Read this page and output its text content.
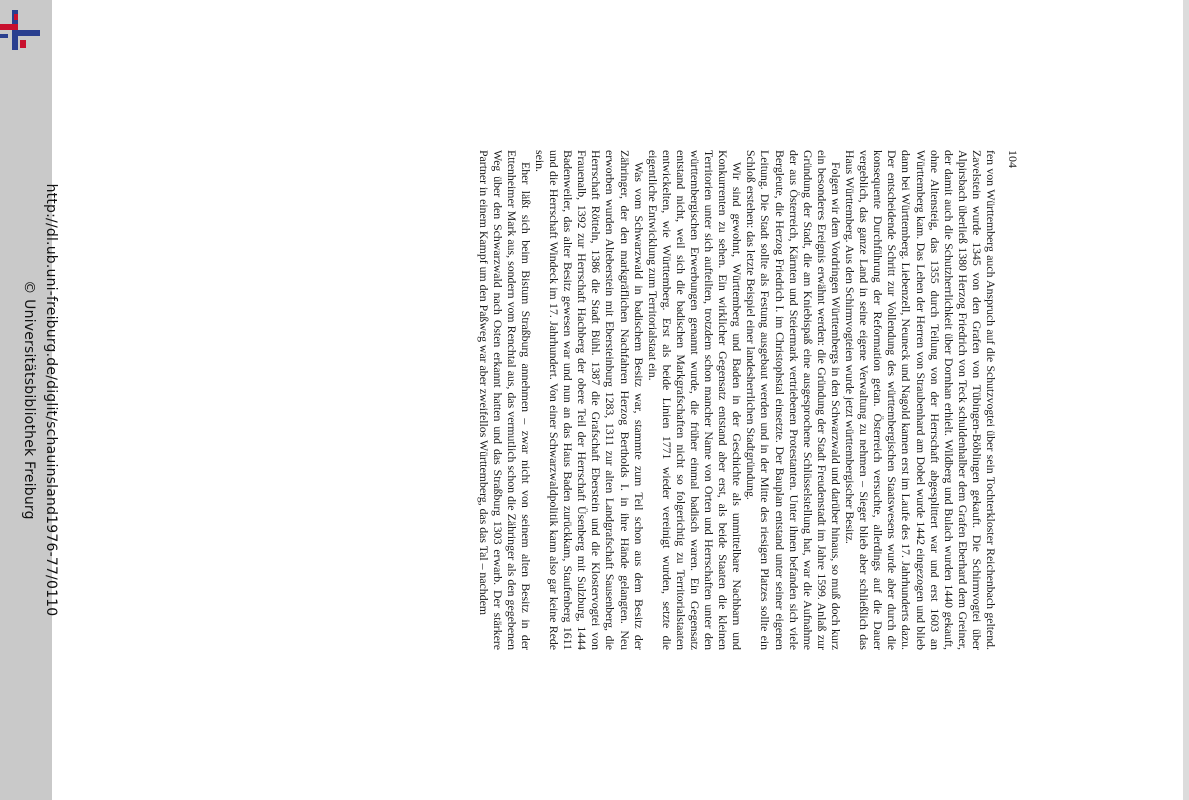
http://dl.ub.uni-freiburg.de/diglit/schauinsland1976-77/0110
© Universitätsbibliothek Freiburg
104

fen von Württemberg auch Anspruch auf die Schutzvogtei über sein Tochterkloster Reichenbach geltend. Zavelstein wurde 1345 von den Grafen von Tübingen-Böblingen gekauft. Die Schirmvogtei über Alpirsbach überließ 1380 Herzog Friedrich von Teck schuldenhalber dem Grafen Eberhard dem Greiner, der damit auch die Schutzherrlichkeit über Dornhan erhielt. Wildberg und Bulach wurden 1440 gekauft, ohne Altensteig, das 1355 durch Teilung von der Herrschaft abgesplittert war und erst 1603 an Württemberg kam. Das Lehen der Herren von Straubenhard am Dobel wurde 1442 eingezogen und blieb dann bei Württemberg. Liebenzell, Neuneck und Nagold kamen erst im Laufe des 17. Jahrhunderts dazu. Der entscheidende Schritt zur Vollendung des württembergischen Staatswesens wurde aber durch die konsequente Durchführung der Reformation getan. Österreich versuchte, allerdings auf die Dauer vergeblich, das ganze Land in seine eigene Verwaltung zu nehmen – Sieger blieb aber schließlich das Haus Württemberg. Aus den Schirmvogteien wurde jetzt württembergischer Besitz.

Folgen wir dem Vordringen Württembergs in den Schwarzwald und darüber hinaus, so muß doch kurz ein besonderes Ereignis erwähnt werden: die Gründung der Stadt Freudenstadt im Jahre 1599. Anlaß zur Gründung der Stadt, die am Kniebispaß eine ausgesprochene Schlüsselstellung hat, war die Aufnahme der aus Österreich, Kärnten und Steiermark vertriebenen Protestanten. Unter ihnen befanden sich viele Bergleute, die Herzog Friedrich I. im Christophstal einsetzte. Der Bauplan entstand unter seiner eigenen Leitung. Die Stadt sollte als Festung ausgebaut werden und in der Mitte des riesigen Platzes sollte ein Schloß erstehen: das letzte Beispiel einer landesherrlichen Stadtgründung.

Wir sind gewohnt, Württemberg und Baden in der Geschichte als unmittelbare Nachbarn und Konkurrenten zu sehen. Ein wirklicher Gegensatz entstand aber erst, als beide Staaten die kleinen Territorien unter sich aufteilten, trotzdem schon mancher Name von Orten und Herrschaften unter den württembergischen Erwerbungen genannt wurde, die früher einmal badisch waren. Ein Gegensatz entstand nicht, weil sich die badischen Markgrafschaften nicht so folgerichtig zu Territorialstaaten entwickelten, wie Württemberg. Erst als beide Linien 1771 wieder vereinigt wurden, setzte die eigentliche Entwicklung zum Territorialstaat ein.

Was vom Schwarzwald in badischem Besitz war, stammte zum Teil schon aus dem Besitz der Zähringer, der den markgräflichen Nachfahren Herzog Bertholds I. in ihre Hände gelangten. Neu erworben wurden Alteberstein mit Ebersteinburg 1283, 1311 zur alten Landgrafschaft Sausenberg, die Herrschaft Rötteln, 1386 die Stadt Bühl. 1387 die Grafschaft Eberstein und die Klostervogtei von Frauenalb, 1392 zur Herrschaft Hachberg der obere Teil der Herrschaft Üsenberg mit Sulzburg, 1444 Badenweiler, das alter Besitz gewesen war und nun an das Haus Baden zurückkam, Staufenberg 1611 und die Herrschaft Windeck im 17. Jahrhundert. Von einer Schwarzwaldpolitik kann also gar keine Rede sein.

Eher läßt sich beim Bistum Straßburg annehmen – zwar nicht von seinem alten Besitz in der Ettenheimer Mark aus, sondern vom Renchtal aus, das vermutlich schon die Zähringer als den gegebenen Weg über den Schwarzwald nach Osten erkannt hatten und das Straßburg 1303 erwarb. Der stärkere Partner in einem Kampf um den Paßweg war aber zweifellos Württemberg, das das Tal – nachdem
